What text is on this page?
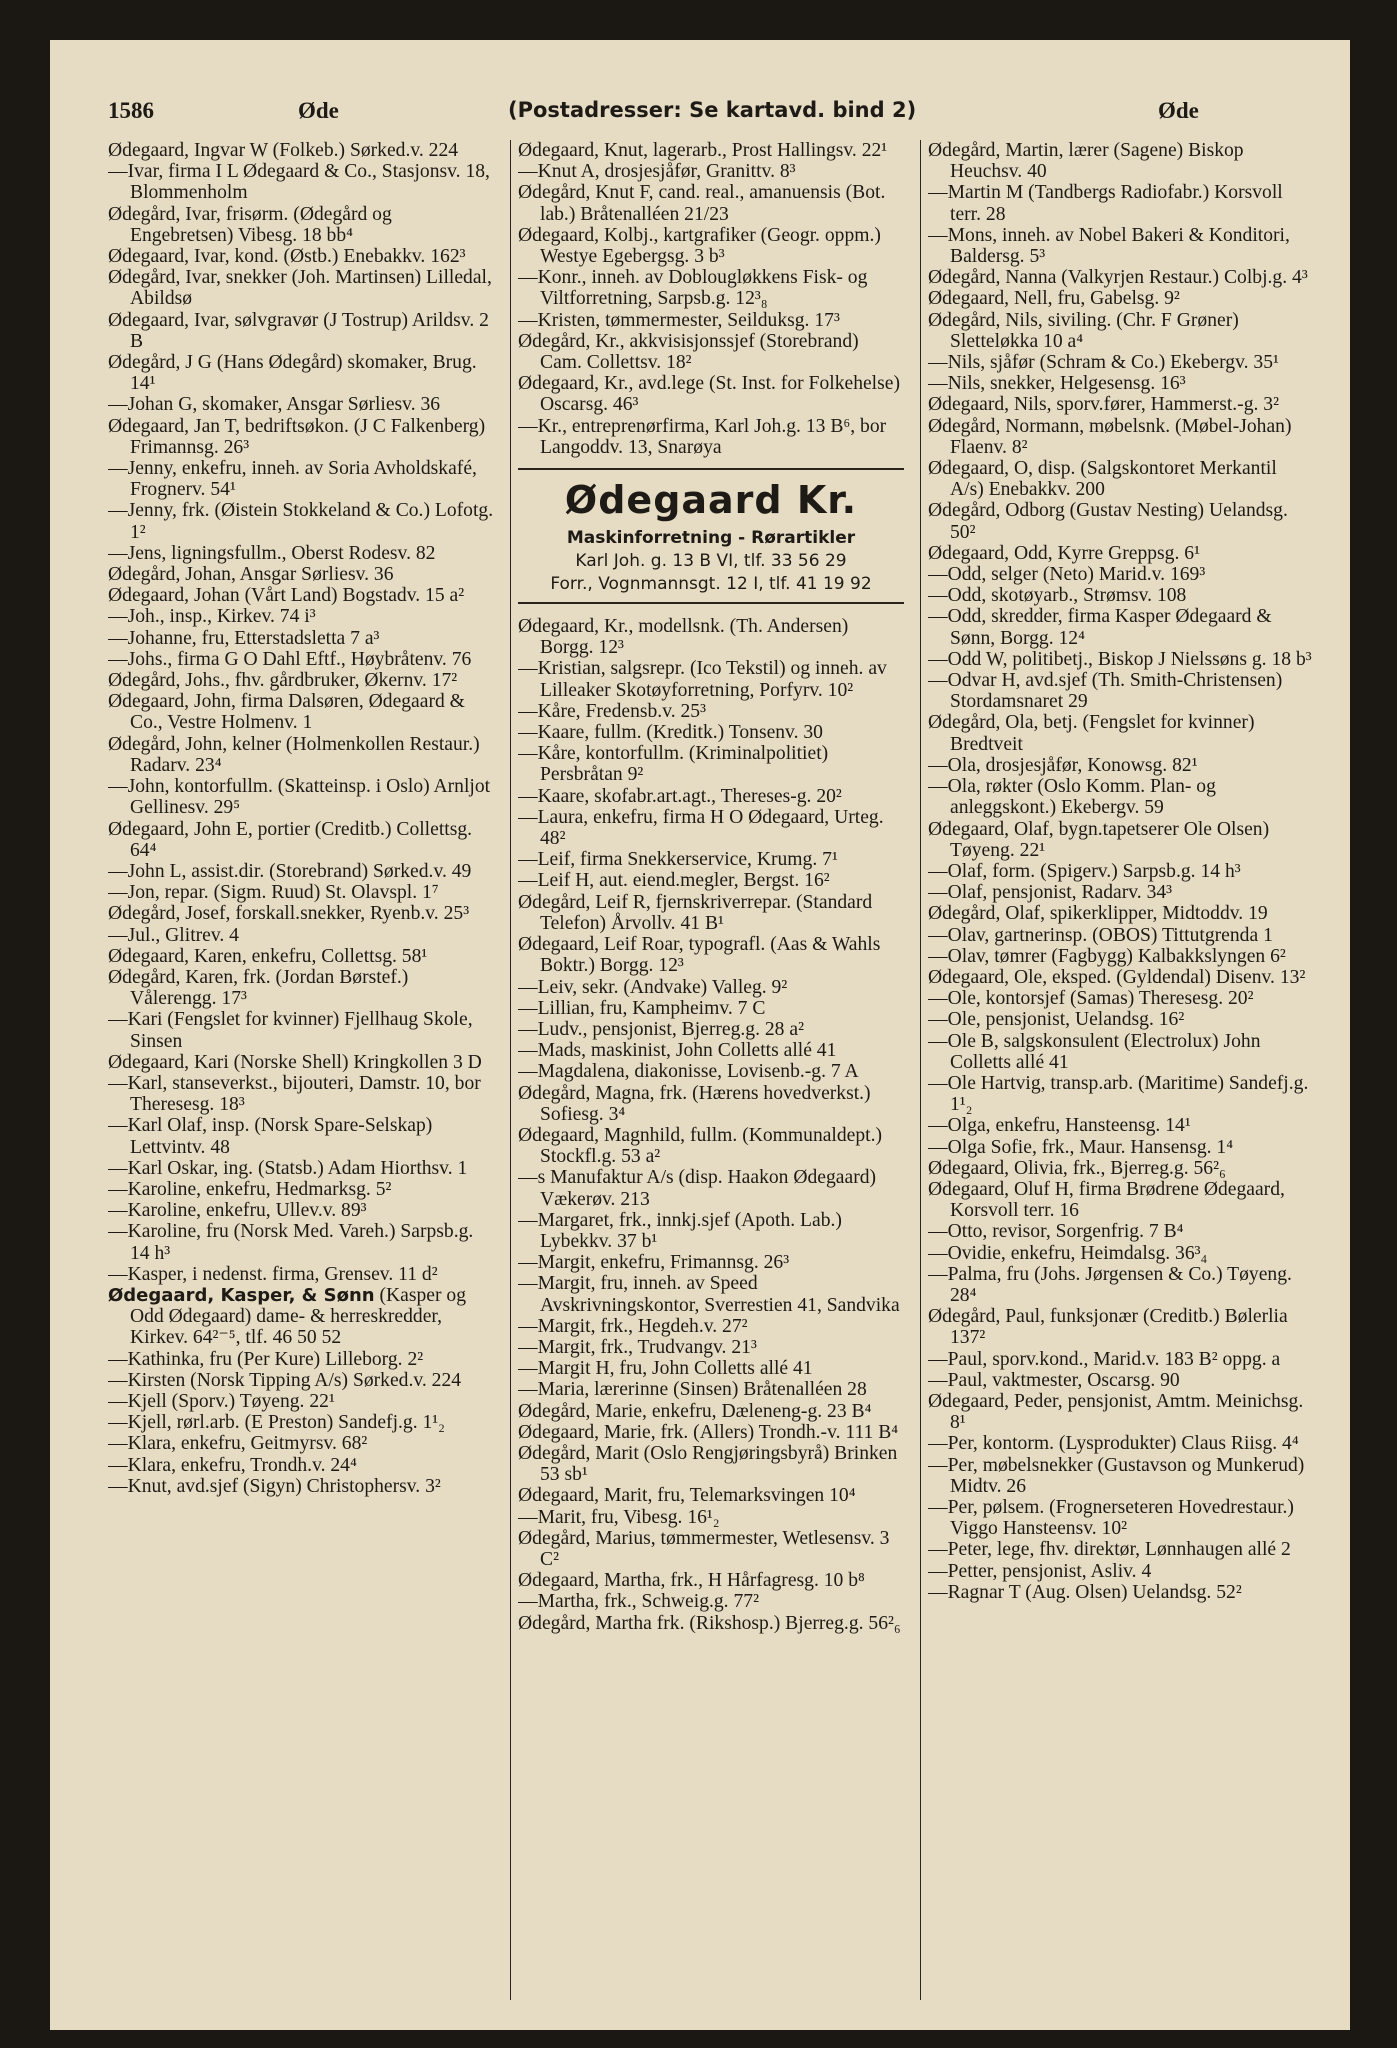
1586	Øde	(Postadresser: Se kartavd. bind 2)	Øde

Ødegaard, Ingvar W (Folkeb.) Sørked.v. 224

—Ivar, firma I L Ødegaard & Co., Stasjonsv. 18, Blommenholm

Ødegård, Ivar, frisørm. (Ødegård og Engebretsen) Vibesg. 18 bb⁴

Ødegaard, Ivar, kond. (Østb.) Enebakkv. 162³

Ødegård, Ivar, snekker (Joh. Martinsen) Lilledal, Abildsø

Ødegaard, Ivar, sølvgravør (J Tostrup) Arildsv. 2 B

Ødegård, J G (Hans Ødegård) skomaker, Brug. 14¹

—Johan G, skomaker, Ansgar Sørliesv. 36

Ødegaard, Jan T, bedriftsøkon. (J C Falkenberg) Frimannsg. 26³

—Jenny, enkefru, inneh. av Soria Avholdskafé, Frognerv. 54¹

—Jenny, frk. (Øistein Stokkeland & Co.) Lofotg. 1²

—Jens, ligningsfullm., Oberst Rodesv. 82

Ødegård, Johan, Ansgar Sørliesv. 36

Ødegaard, Johan (Vårt Land) Bogstadv. 15 a²

—Joh., insp., Kirkev. 74 i³

—Johanne, fru, Etterstadsletta 7 a³

—Johs., firma G O Dahl Eftf., Høybråtenv. 76

Ødegård, Johs., fhv. gårdbruker, Økernv. 17²

Ødegaard, John, firma Dalsøren, Ødegaard & Co., Vestre Holmenv. 1

Ødegård, John, kelner (Holmenkollen Restaur.) Radarv. 23⁴

—John, kontorfullm. (Skatteinsp. i Oslo) Arnljot Gellinesv. 29⁵

Ødegaard, John E, portier (Creditb.) Collettsg. 64⁴

—John L, assist.dir. (Storebrand) Sørked.v. 49

—Jon, repar. (Sigm. Ruud) St. Olavspl. 1⁷

Ødegård, Josef, forskall.snekker, Ryenb.v. 25³

—Jul., Glitrev. 4

Ødegaard, Karen, enkefru, Collettsg. 58¹

Ødegård, Karen, frk. (Jordan Børstef.) Vålerengg. 17³

—Kari (Fengslet for kvinner) Fjellhaug Skole, Sinsen

Ødegaard, Kari (Norske Shell) Kringkollen 3 D

—Karl, stanseverkst., bijouteri, Damstr. 10, bor Theresesg. 18³

—Karl Olaf, insp. (Norsk Spare-Selskap) Lettvintv. 48

—Karl Oskar, ing. (Statsb.) Adam Hiorthsv. 1

—Karoline, enkefru, Hedmarksg. 5²

—Karoline, enkefru, Ullev.v. 89³

—Karoline, fru (Norsk Med. Vareh.) Sarpsb.g. 14 h³

—Kasper, i nedenst. firma, Grensev. 11 d²

Ødegaard, Kasper, & Sønn (Kasper og Odd Ødegaard) dame- & herreskredder, Kirkev. 64²⁻⁵, tlf. 46 50 52

—Kathinka, fru (Per Kure) Lilleborg. 2²

—Kirsten (Norsk Tipping A/s) Sørked.v. 224

—Kjell (Sporv.) Tøyeng. 22¹

—Kjell, rørl.arb. (E Preston) Sandefj.g. 1¹₂

—Klara, enkefru, Geitmyrsv. 68²

—Klara, enkefru, Trondh.v. 24⁴

—Knut, avd.sjef (Sigyn) Christophersv. 3²

Ødegaard, Knut, lagerarb., Prost Hallingsv. 22¹

—Knut A, drosjesjåfør, Granittv. 8³

Ødegård, Knut F, cand. real., amanuensis (Bot. lab.) Bråtenalléen 21/23

Ødegaard, Kolbj., kartgrafiker (Geogr. oppm.) Westye Egebergsg. 3 b³

—Konr., inneh. av Doblougløkkens Fisk- og Viltforretning, Sarpsb.g. 12³₈

—Kristen, tømmermester, Seilduksg. 17³

Ødegård, Kr., akkvisisjonssjef (Storebrand) Cam. Collettsv. 18²

Ødegaard, Kr., avd.lege (St. Inst. for Folkehelse) Oscarsg. 46³

—Kr., entreprenørfirma, Karl Joh.g. 13 B⁶, bor Langoddv. 13, Snarøya

Ødegaard Kr.
Maskinforretning - Rørartikler
Karl Joh. g. 13 B VI, tlf. 33 56 29
Forr., Vognmannsgt. 12 I, tlf. 41 19 92

Ødegaard, Kr., modellsnk. (Th. Andersen) Borgg. 12³

—Kristian, salgsrepr. (Ico Tekstil) og inneh. av Lilleaker Skotøyforretning, Porfyrv. 10²

—Kåre, Fredensb.v. 25³

—Kaare, fullm. (Kreditk.) Tonsenv. 30

—Kåre, kontorfullm. (Kriminalpolitiet) Persbråtan 9²

—Kaare, skofabr.art.agt., Thereses-g. 20²

—Laura, enkefru, firma H O Ødegaard, Urteg. 48²

—Leif, firma Snekkerservice, Krumg. 7¹

—Leif H, aut. eiend.megler, Bergst. 16²

Ødegård, Leif R, fjernskriverrepar. (Standard Telefon) Årvollv. 41 B¹

Ødegaard, Leif Roar, typografl. (Aas & Wahls Boktr.) Borgg. 12³

—Leiv, sekr. (Andvake) Valleg. 9²

—Lillian, fru, Kampheimv. 7 C

—Ludv., pensjonist, Bjerreg.g. 28 a²

—Mads, maskinist, John Colletts allé 41

—Magdalena, diakonisse, Lovisenb.-g. 7 A

Ødegård, Magna, frk. (Hærens hovedverkst.) Sofiesg. 3⁴

Ødegaard, Magnhild, fullm. (Kommunaldept.) Stockfl.g. 53 a²

—s Manufaktur A/s (disp. Haakon Ødegaard) Vækerøv. 213

—Margaret, frk., innkj.sjef (Apoth. Lab.) Lybekkv. 37 b¹

—Margit, enkefru, Frimannsg. 26³

—Margit, fru, inneh. av Speed Avskrivningskontor, Sverrestien 41, Sandvika

—Margit, frk., Hegdeh.v. 27²

—Margit, frk., Trudvangv. 21³

—Margit H, fru, John Colletts allé 41

—Maria, lærerinne (Sinsen) Bråtenalléen 28

Ødegård, Marie, enkefru, Dæleneng-g. 23 B⁴

Ødegaard, Marie, frk. (Allers) Trondh.-v. 111 B⁴

Ødegård, Marit (Oslo Rengjøringsbyrå) Brinken 53 sb¹

Ødegaard, Marit, fru, Telemarksvingen 10⁴

—Marit, fru, Vibesg. 16¹₂

Ødegård, Marius, tømmermester, Wetlesensv. 3 C²

Ødegaard, Martha, frk., H Hårfagresg. 10 b⁸

—Martha, frk., Schweig.g. 77²

Ødegård, Martha frk. (Rikshosp.) Bjerreg.g. 56²₆

Ødegård, Martin, lærer (Sagene) Biskop Heuchsv. 40

—Martin M (Tandbergs Radiofabr.) Korsvoll terr. 28

—Mons, inneh. av Nobel Bakeri & Konditori, Baldersg. 5³

Ødegård, Nanna (Valkyrjen Restaur.) Colbj.g. 4³

Ødegaard, Nell, fru, Gabelsg. 9²

Ødegård, Nils, siviling. (Chr. F Grøner) Sletteløkka 10 a⁴

—Nils, sjåfør (Schram & Co.) Ekebergv. 35¹

—Nils, snekker, Helgesensg. 16³

Ødegaard, Nils, sporv.fører, Hammerst.-g. 3²

Ødegård, Normann, møbelsnk. (Møbel-Johan) Flaenv. 8²

Ødegaard, O, disp. (Salgskontoret Merkantil A/s) Enebakkv. 200

Ødegård, Odborg (Gustav Nesting) Uelandsg. 50²

Ødegaard, Odd, Kyrre Greppsg. 6¹

—Odd, selger (Neto) Marid.v. 169³

—Odd, skotøyarb., Strømsv. 108

—Odd, skredder, firma Kasper Ødegaard & Sønn, Borgg. 12⁴

—Odd W, politibetj., Biskop J Nielssøns g. 18 b³

—Odvar H, avd.sjef (Th. Smith-Christensen) Stordamsnaret 29

Ødegård, Ola, betj. (Fengslet for kvinner) Bredtveit

—Ola, drosjesjåfør, Konowsg. 82¹

—Ola, røkter (Oslo Komm. Plan- og anleggskont.) Ekebergv. 59

Ødegaard, Olaf, bygn.tapetserer Ole Olsen) Tøyeng. 22¹

—Olaf, form. (Spigerv.) Sarpsb.g. 14 h³

—Olaf, pensjonist, Radarv. 34³

Ødegård, Olaf, spikerklipper, Midtoddv. 19

—Olav, gartnerinsp. (OBOS) Tittutgrenda 1

—Olav, tømrer (Fagbygg) Kalbakkslyngen 6²

Ødegaard, Ole, eksped. (Gyldendal) Disenv. 13²

—Ole, kontorsjef (Samas) Theresesg. 20²

—Ole, pensjonist, Uelandsg. 16²

—Ole B, salgskonsulent (Electrolux) John Colletts allé 41

—Ole Hartvig, transp.arb. (Maritime) Sandefj.g. 1¹₂

—Olga, enkefru, Hansteensg. 14¹

—Olga Sofie, frk., Maur. Hansensg. 1⁴

Ødegaard, Olivia, frk., Bjerreg.g. 56²₆

Ødegaard, Oluf H, firma Brødrene Ødegaard, Korsvoll terr. 16

—Otto, revisor, Sorgenfrig. 7 B⁴

—Ovidie, enkefru, Heimdalsg. 36³₄

—Palma, fru (Johs. Jørgensen & Co.) Tøyeng. 28⁴

Ødegård, Paul, funksjonær (Creditb.) Bølerlia 137²

—Paul, sporv.kond., Marid.v. 183 B² oppg. a

—Paul, vaktmester, Oscarsg. 90

Ødegaard, Peder, pensjonist, Amtm. Meinichsg. 8¹

—Per, kontorm. (Lysprodukter) Claus Riisg. 4⁴

—Per, møbelsnekker (Gustavson og Munkerud) Midtv. 26

—Per, pølsem. (Frognerseteren Hovedrestaur.) Viggo Hansteensv. 10²

—Peter, lege, fhv. direktør, Lønnhaugen allé 2

—Petter, pensjonist, Asliv. 4

—Ragnar T (Aug. Olsen) Uelandsg. 52²
